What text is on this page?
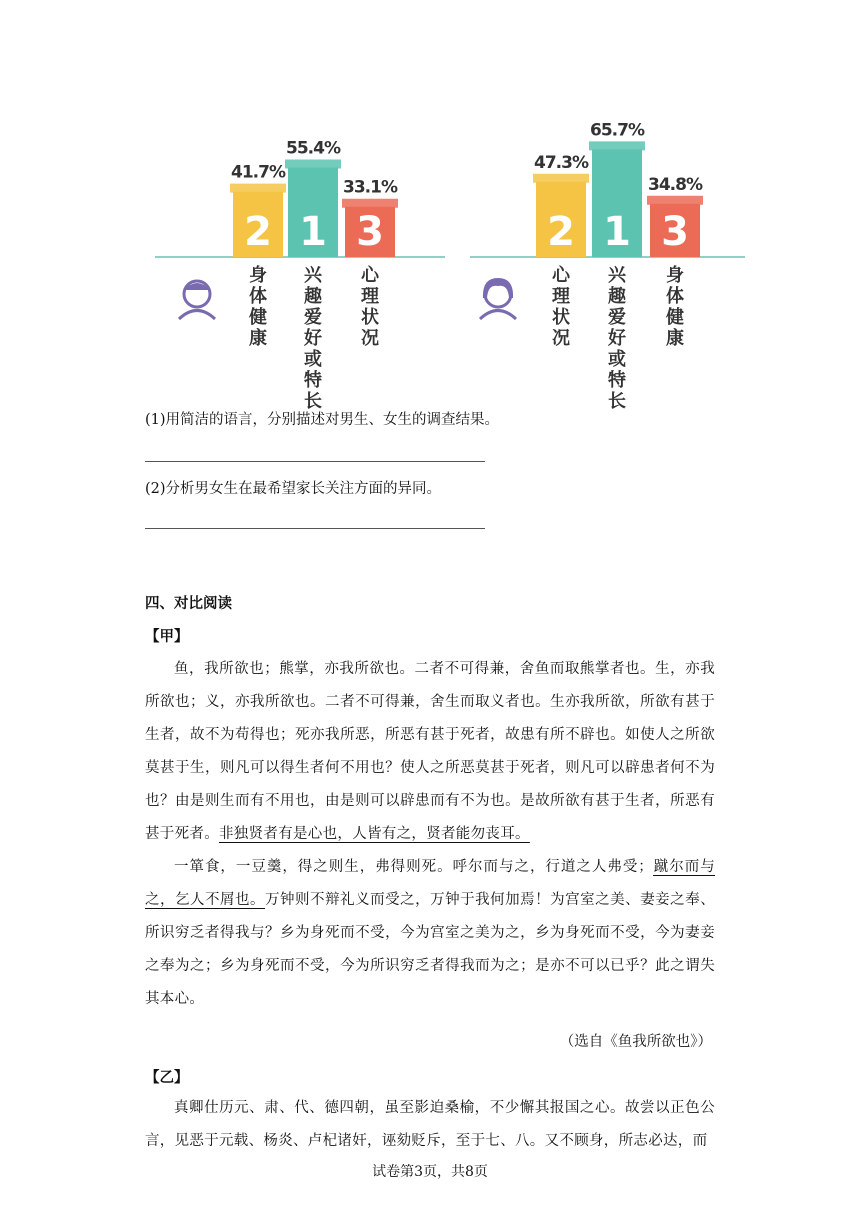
41.7%
2
55.4%
1
33.1%
3
身体健康
兴趣爱好或特长
心理状况
47.3%
2
65.7%
1
34.8%
3
心理状况
兴趣爱好或特长
身体健康
(1)用简洁的语言，分别描述对男生、女生的调查结果。
(2)分析男女生在最希望家长关注方面的异同。
四、对比阅读
【甲】
鱼，我所欲也；熊掌，亦我所欲也。二者不可得兼，舍鱼而取熊掌者也。生，亦我所欲也；义，亦我所欲也。二者不可得兼，舍生而取义者也。生亦我所欲，所欲有甚于生者，故不为苟得也；死亦我所恶，所恶有甚于死者，故患有所不辟也。如使人之所欲莫甚于生，则凡可以得生者何不用也？使人之所恶莫甚于死者，则凡可以辟患者何不为也？由是则生而有不用也，由是则可以辟患而有不为也。是故所欲有甚于生者，所恶有甚于死者。非独贤者有是心也，人皆有之，贤者能勿丧耳。
一箪食，一豆羹，得之则生，弗得则死。呼尔而与之，行道之人弗受；蹴尔而与之，乞人不屑也。万钟则不辩礼义而受之，万钟于我何加焉！为宫室之美、妻妾之奉、所识穷乏者得我与？乡为身死而不受，今为宫室之美为之，乡为身死而不受，今为妻妾之奉为之；乡为身死而不受，今为所识穷乏者得我而为之；是亦不可以已乎？此之谓失其本心。
（选自《鱼我所欲也》）
【乙】
真卿仕历元、肃、代、德四朝，虽至影迫桑榆，不少懈其报国之心。故尝以正色公言，见恶于元载、杨炎、卢杞诸奸，诬劾贬斥，至于七、八。又不顾身，所志必达，而
试卷第3页，共8页
